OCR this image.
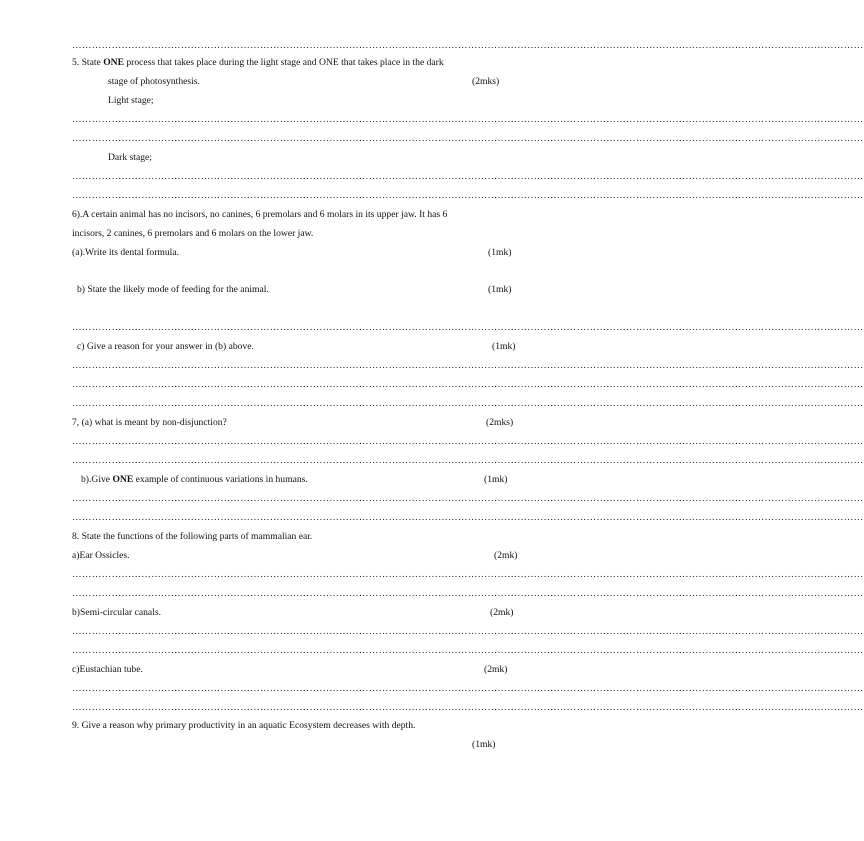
……………………………………………………………………………………………………………………………………………………………………………………………………………………
5. State ONE process that takes place during the light stage and ONE that takes place in the dark
stage of photosynthesis.	(2mks)
Light stage;
……………………………………………………………………………………………………………………………………………………………………………………………………………………
……………………………………………………………………………………………………………………………………………………………………………………………………………………
Dark stage;
……………………………………………………………………………………………………………………………………………………………………………………………………………………
……………………………………………………………………………………………………………………………………………………………………………………………………………………
6).A certain animal has no incisors, no canines, 6 premolars and 6 molars in its upper jaw. It has 6
incisors, 2 canines, 6 premolars and 6 molars on the lower jaw.
(a).Write its dental formula.	(1mk)
b) State the likely mode of feeding for the animal.	(1mk)
……………………………………………………………………………………………………………………………………………………………………………………………………………………
c) Give a reason for your answer in (b) above.	(1mk)
……………………………………………………………………………………………………………………………………………………………………………………………………………………
……………………………………………………………………………………………………………………………………………………………………………………………………………………
……………………………………………………………………………………………………………………………………………………………………………………………………………………
7, (a) what is meant by non-disjunction?	(2mks)
……………………………………………………………………………………………………………………………………………………………………………………………………………………
……………………………………………………………………………………………………………………………………………………………………………………………………………………
b).Give ONE example of continuous variations in humans.	(1mk)
……………………………………………………………………………………………………………………………………………………………………………………………………………………
……………………………………………………………………………………………………………………………………………………………………………………………………………………
8. State the functions of the following parts of mammalian ear.
a)Ear Ossicles.	(2mk)
……………………………………………………………………………………………………………………………………………………………………………………………………………………
……………………………………………………………………………………………………………………………………………………………………………………………………………………
b)Semi-circular canals.	(2mk)
……………………………………………………………………………………………………………………………………………………………………………………………………………………
……………………………………………………………………………………………………………………………………………………………………………………………………………………
c)Eustachian tube.	(2mk)
……………………………………………………………………………………………………………………………………………………………………………………………………………………
……………………………………………………………………………………………………………………………………………………………………………………………………………………
9. Give a reason why primary productivity in an aquatic Ecosystem decreases with depth.
(1mk)
